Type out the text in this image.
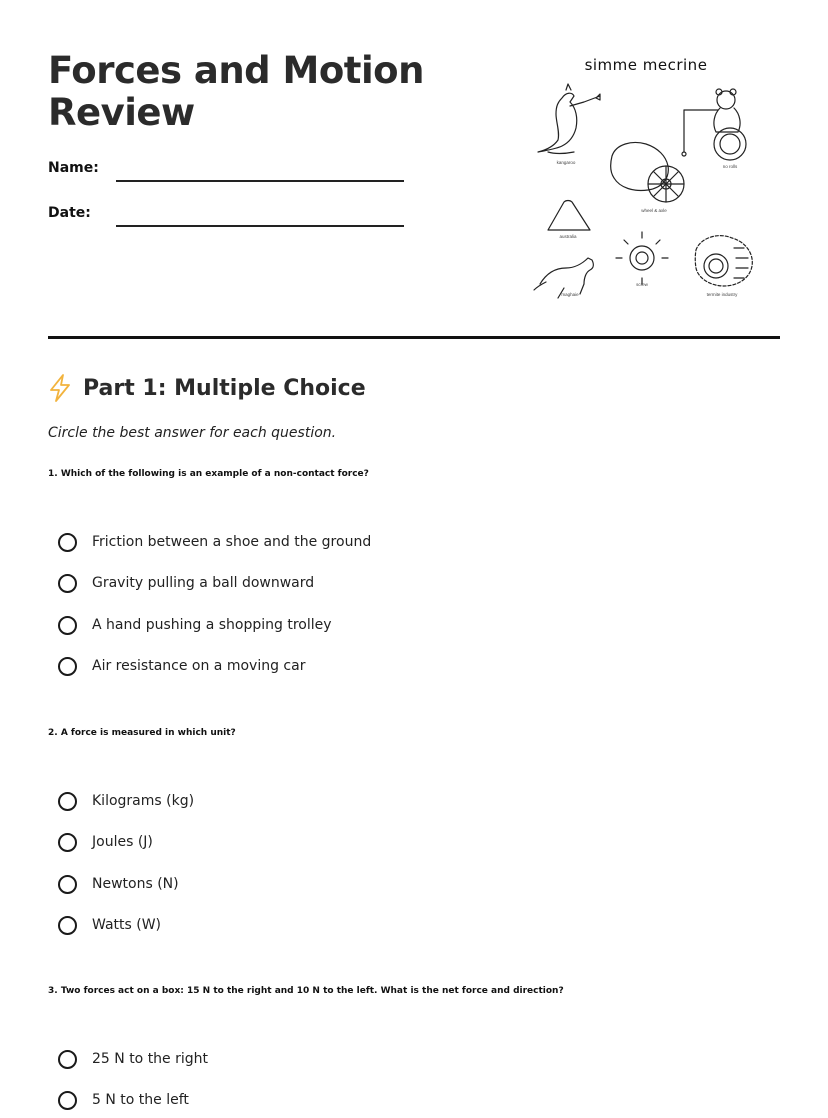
Forces and Motion Review
Name:
Date:
simme mecrine
kangaroo
no rolls
wheel & axle
australia
screw
maghaie	termite industry
Part 1: Multiple Choice
Circle the best answer for each question.
1. Which of the following is an example of a non-contact force?
Friction between a shoe and the ground
Gravity pulling a ball downward
A hand pushing a shopping trolley
Air resistance on a moving car
2. A force is measured in which unit?
Kilograms (kg)
Joules (J)
Newtons (N)
Watts (W)
3. Two forces act on a box: 15 N to the right and 10 N to the left. What is the net force and direction?
25 N to the right
5 N to the left
